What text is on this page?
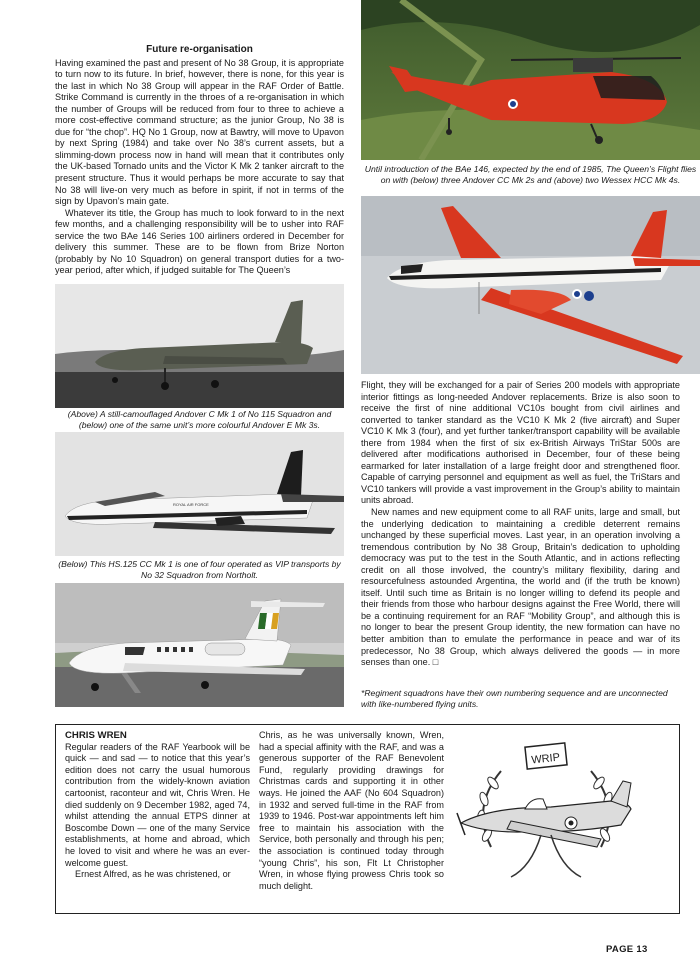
Future re-organisation

Having examined the past and present of No 38 Group, it is appropriate to turn now to its future. In brief, however, there is none, for this year is the last in which No 38 Group will appear in the RAF Order of Battle. Strike Command is currently in the throes of a re-organisation in which the number of Groups will be reduced from four to three to achieve a more cost-effective command structure; as the junior Group, No 38 is due for “the chop”. HQ No 1 Group, now at Bawtry, will move to Upavon by next Spring (1984) and take over No 38’s current assets, but a slimming-down process now in hand will mean that it contributes only the UK-based Tornado units and the Victor K Mk 2 tanker aircraft to the present structure. Thus it would perhaps be more accurate to say that No 38 will live-on very much as before in spirit, if not in terms of the sign by Upavon’s main gate.

Whatever its title, the Group has much to look forward to in the next few months, and a challenging responsibility will be to usher into RAF service the two BAe 146 Series 100 airliners ordered in December for delivery this summer. These are to be flown from Brize Norton (probably by No 10 Squadron) on general transport duties for a two-year period, after which, if judged suitable for The Queen’s

Until introduction of the BAe 146, expected by the end of 1985, The Queen’s Flight flies on with (below) three Andover CC Mk 2s and (above) two Wessex HCC Mk 4s.
(Above) A still-camouflaged Andover C Mk 1 of No 115 Squadron and (below) one of the same unit’s more colourful Andover E Mk 3s.
ROYAL AIR FORCE
(Below) This HS.125 CC Mk 1 is one of four operated as VIP transports by No 32 Squadron from Northolt.

Flight, they will be exchanged for a pair of Series 200 models with appropriate interior fittings as long-needed Andover replacements. Brize is also soon to receive the first of nine additional VC10s bought from civil airlines and converted to tanker standard as the VC10 K Mk 2 (five aircraft) and Super VC10 K Mk 3 (four), and yet further tanker/transport capability will be available there from 1984 when the first of six ex-British Airways TriStar 500s are delivered after modifications authorised in December, four of these being earmarked for later installation of a large freight door and strengthened floor. Capable of carrying personnel and equipment as well as fuel, the TriStars and VC10 tankers will provide a vast improvement in the Group’s ability to maintain units abroad.

New names and new equipment come to all RAF units, large and small, but the underlying dedication to maintaining a credible deterrent remains unchanged by these superficial moves. Last year, in an operation involving a tremendous contribution by No 38 Group, Britain’s dedication to upholding democracy was put to the test in the South Atlantic, and in actions reflecting credit on all those involved, the country’s military flexibility, daring and resourcefulness astounded Argentina, the world and (if the truth be known) itself. Until such time as Britain is no longer willing to defend its people and their friends from those who harbour designs against the Free World, there will be a continuing requirement for an RAF “Mobility Group”, and although this is no longer to bear the present Group identity, the new formation can have no better ambition than to emulate the performance in peace and war of its predecessor, No 38 Group, which always delivered the goods — in more senses than one. □

*Regiment squadrons have their own numbering sequence and are unconnected with like-numbered flying units.
CHRIS WREN

Regular readers of the RAF Yearbook will be quick — and sad — to notice that this year’s edition does not carry the usual humorous contribution from the widely-known aviation cartoonist, raconteur and wit, Chris Wren. He died suddenly on 9 December 1982, aged 74, whilst attending the annual ETPS dinner at Boscombe Down — one of the many Service establishments, at home and abroad, which he loved to visit and where he was an ever-welcome guest.

Ernest Alfred, as he was christened, or

Chris, as he was universally known, Wren, had a special affinity with the RAF, and was a generous supporter of the RAF Benevolent Fund, regularly providing drawings for Christmas cards and supporting it in other ways. He joined the AAF (No 604 Squadron) in 1932 and served full-time in the RAF from 1939 to 1946. Post-war appointments left him free to maintain his association with the Service, both personally and through his pen; the association is continued today through “young Chris”, his son, Flt Lt Christopher Wren, in whose flying prowess Chris took so much delight.

WRIP
PAGE 13
